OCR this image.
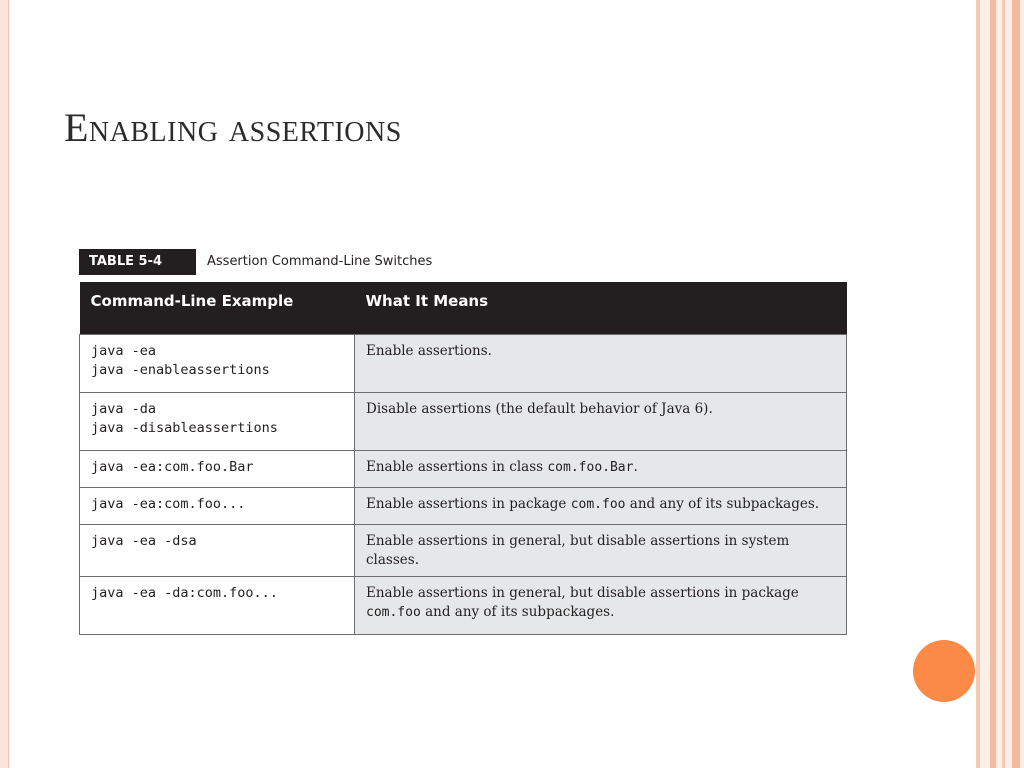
Enabling assertions
TABLE 5-4	Assertion Command-Line Switches
Command-Line Example	What It Means
java -ea
java -enableassertions	Enable assertions.
java -da
java -disableassertions	Disable assertions (the default behavior of Java 6).
java -ea:com.foo.Bar	Enable assertions in class com.foo.Bar.
java -ea:com.foo...	Enable assertions in package com.foo and any of its subpackages.
java -ea -dsa	Enable assertions in general, but disable assertions in system classes.
java -ea -da:com.foo...	Enable assertions in general, but disable assertions in package com.foo and any of its subpackages.
